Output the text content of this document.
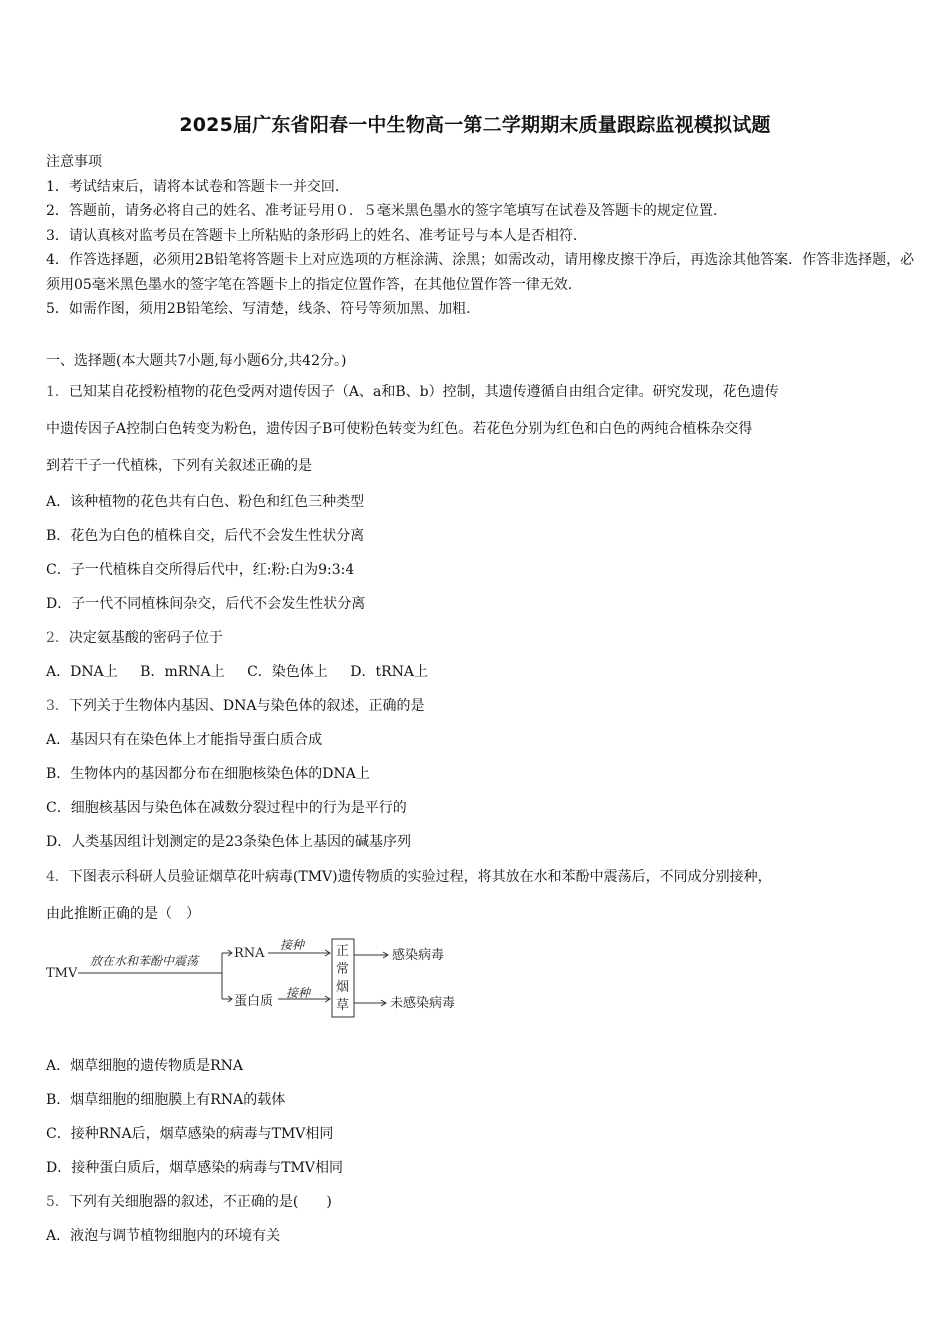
2025届广东省阳春一中生物高一第二学期期末质量跟踪监视模拟试题
注意事项
1．考试结束后，请将本试卷和答题卡一并交回.
2．答题前，请务必将自己的姓名、准考证号用０．５毫米黑色墨水的签字笔填写在试卷及答题卡的规定位置.
3．请认真核对监考员在答题卡上所粘贴的条形码上的姓名、准考证号与本人是否相符.
4．作答选择题，必须用2B铅笔将答题卡上对应选项的方框涂满、涂黑；如需改动，请用橡皮擦干净后，再选涂其他答案．作答非选择题，必须用05毫米黑色墨水的签字笔在答题卡上的指定位置作答，在其他位置作答一律无效.
5．如需作图，须用2B铅笔绘、写清楚，线条、符号等须加黑、加粗.
一、选择题(本大题共7小题,每小题6分,共42分。)
1．已知某自花授粉植物的花色受两对遗传因子（A、a和B、b）控制，其遗传遵循自由组合定律。研究发现，花色遗传
中遗传因子A控制白色转变为粉色，遗传因子B可使粉色转变为红色。若花色分别为红色和白色的两纯合植株杂交得
到若干子一代植株，下列有关叙述正确的是
A．该种植物的花色共有白色、粉色和红色三种类型
B．花色为白色的植株自交，后代不会发生性状分离
C．子一代植株自交所得后代中，红:粉:白为9:3:4
D．子一代不同植株间杂交，后代不会发生性状分离
2．决定氨基酸的密码子位于
A．DNA上 B．mRNA上 C．染色体上 D．tRNA上
3．下列关于生物体内基因、DNA与染色体的叙述，正确的是
A．基因只有在染色体上才能指导蛋白质合成
B．生物体内的基因都分布在细胞核染色体的DNA上
C．细胞核基因与染色体在减数分裂过程中的行为是平行的
D．人类基因组计划测定的是23条染色体上基因的碱基序列
4．下图表示科研人员验证烟草花叶病毒(TMV)遗传物质的实验过程，将其放在水和苯酚中震荡后，不同成分别接种，
由此推断正确的是（　）
TMV
放在水和苯酚中震荡	RNA
蛋白质
接种
接种
正
常
烟
草
感染病毒
未感染病毒
A．烟草细胞的遗传物质是RNA
B．烟草细胞的细胞膜上有RNA的载体
C．接种RNA后，烟草感染的病毒与TMV相同
D．接种蛋白质后，烟草感染的病毒与TMV相同
5．下列有关细胞器的叙述，不正确的是(　　)
A．液泡与调节植物细胞内的环境有关
